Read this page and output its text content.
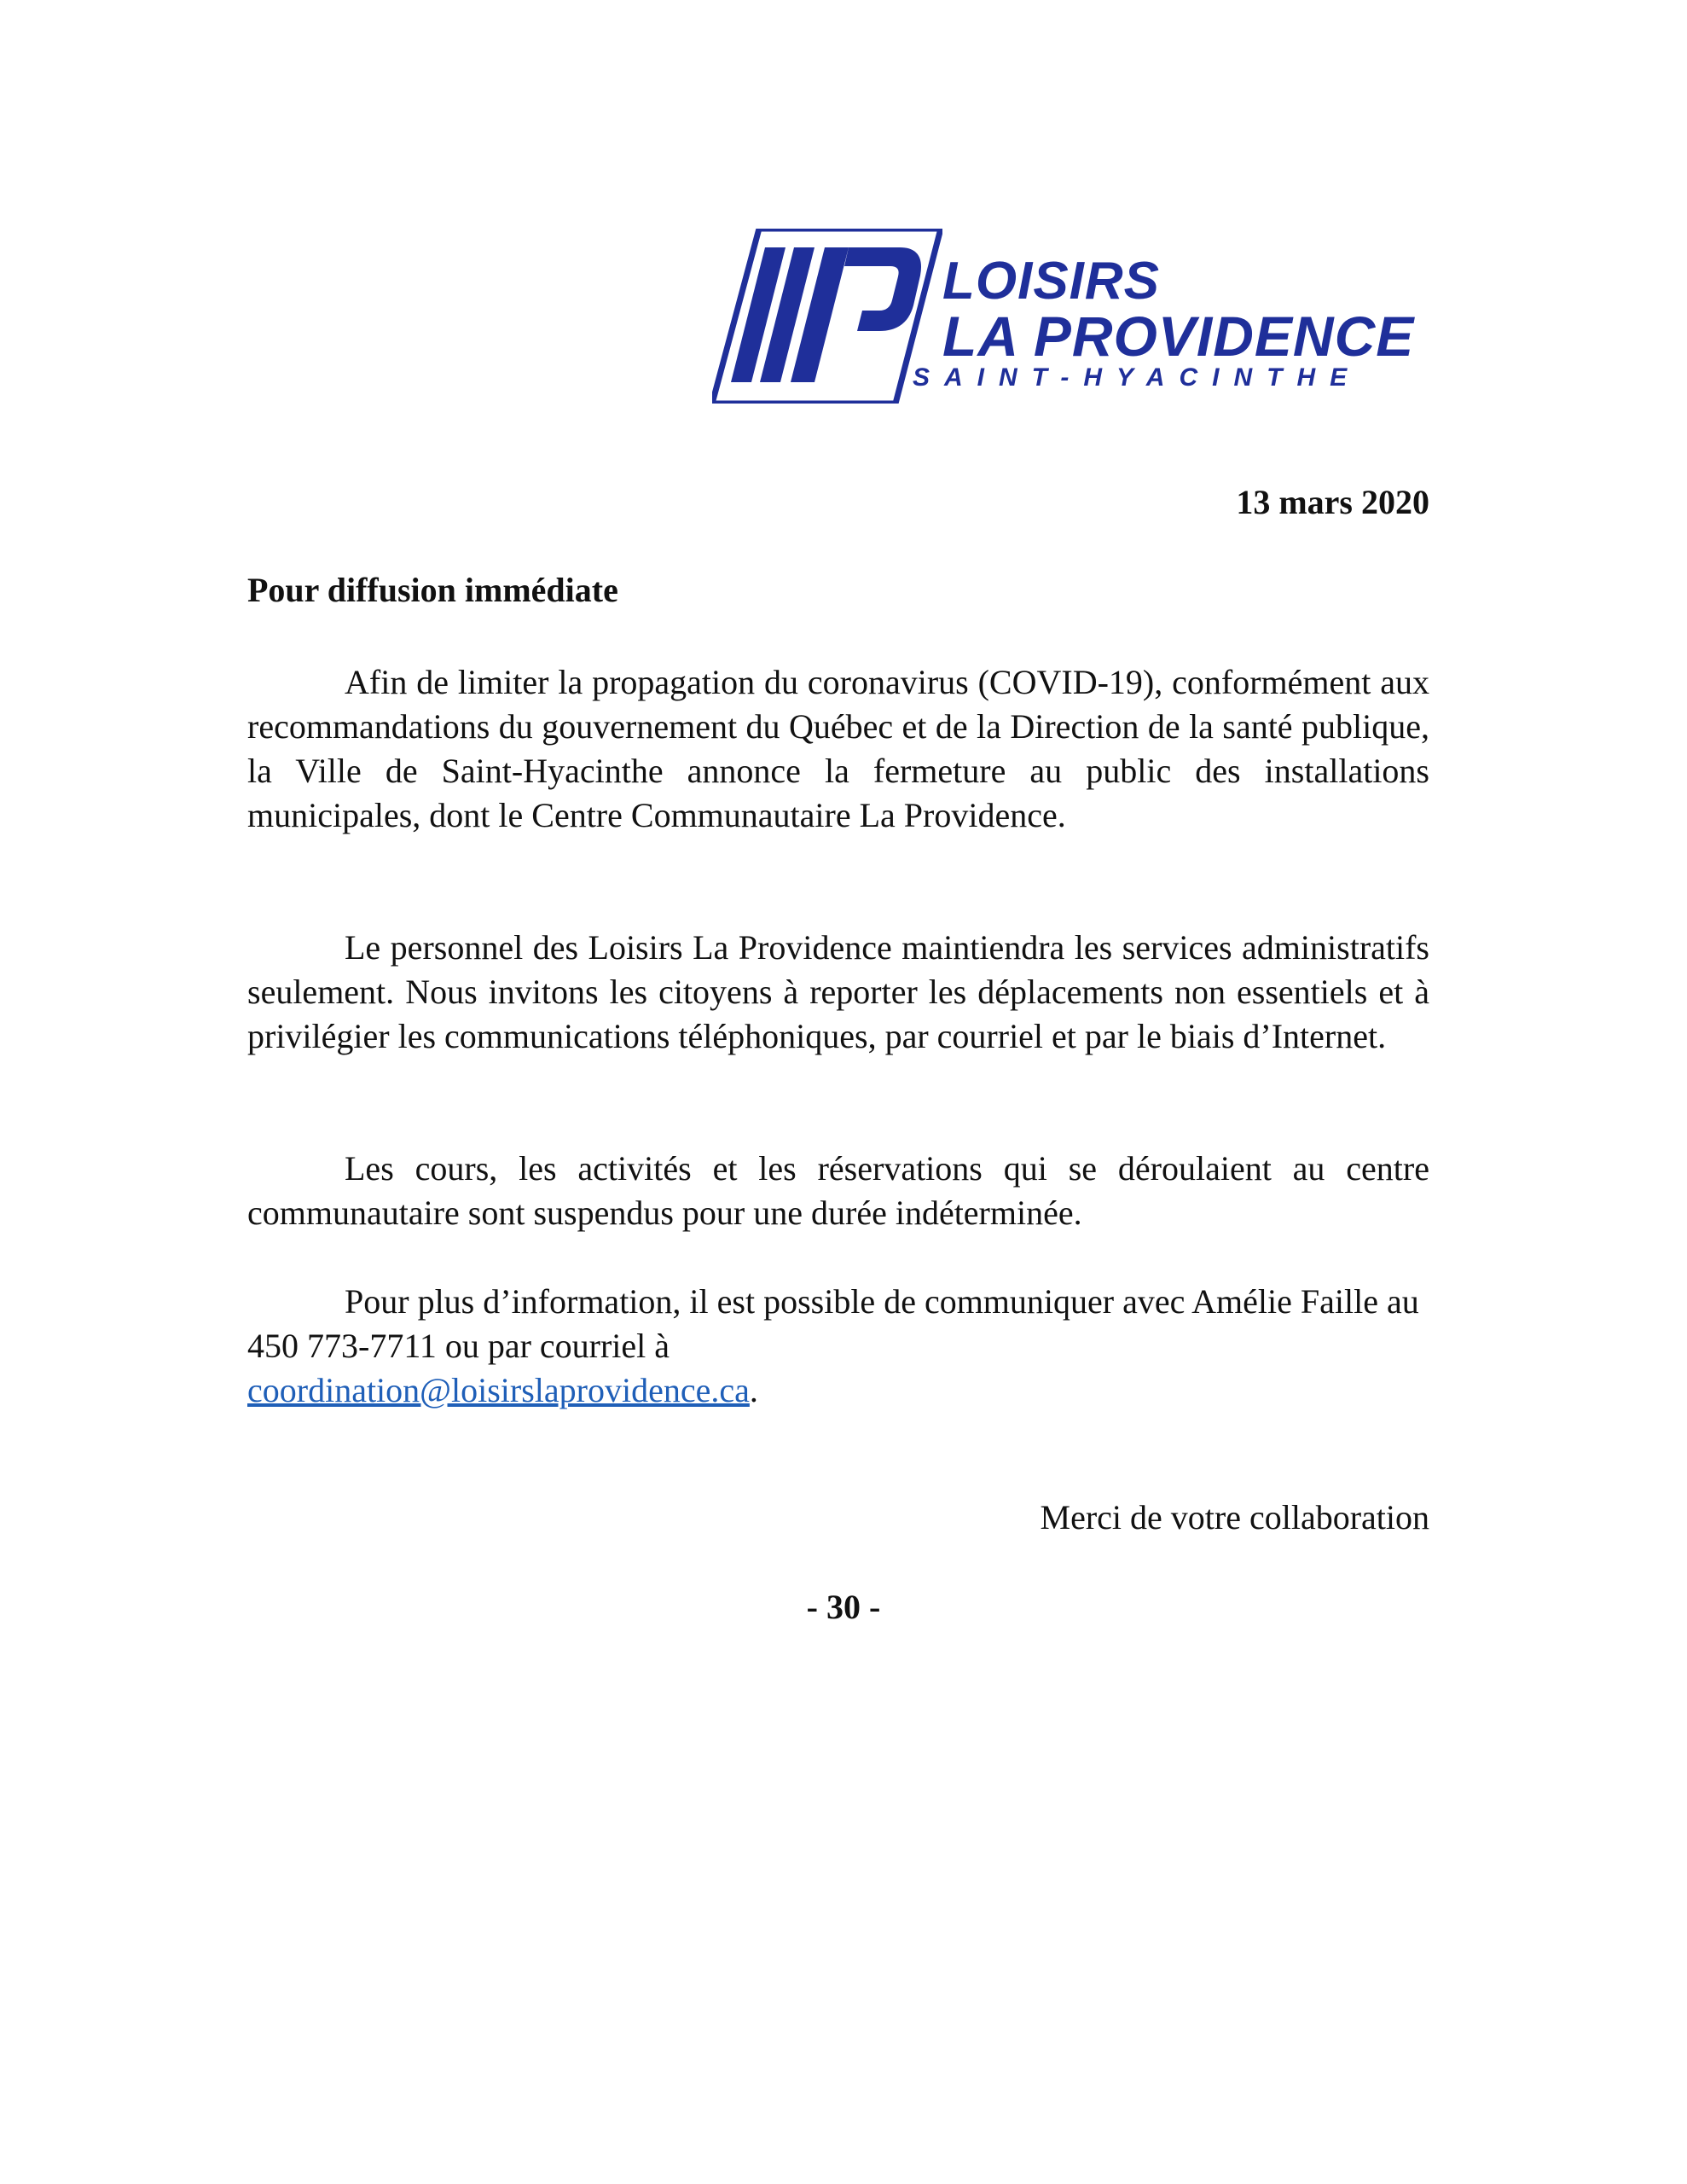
LOISIRS
LA PROVIDENCE
SAINT-HYACINTHE
13 mars 2020
Pour diffusion immédiate

Afin de limiter la propagation du coronavirus (COVID-19), conformément aux recommandations du gouvernement du Québec et de la Direction de la santé publique, la Ville de Saint-Hyacinthe annonce la fermeture au public des installations municipales, dont le Centre Communautaire La Providence.

Le personnel des Loisirs La Providence maintiendra les services administratifs seulement. Nous invitons les citoyens à reporter les déplacements non essentiels et à privilégier les communications téléphoniques, par courriel et par le biais d’Internet.

Les cours, les activités et les réservations qui se déroulaient au centre communautaire sont suspendus pour une durée indéterminée.

Pour plus d’information, il est possible de communiquer avec Amélie Faille au 450 773-7711 ou par courriel à
coordination@loisirslaprovidence.ca.

Merci de votre collaboration
- 30 -
